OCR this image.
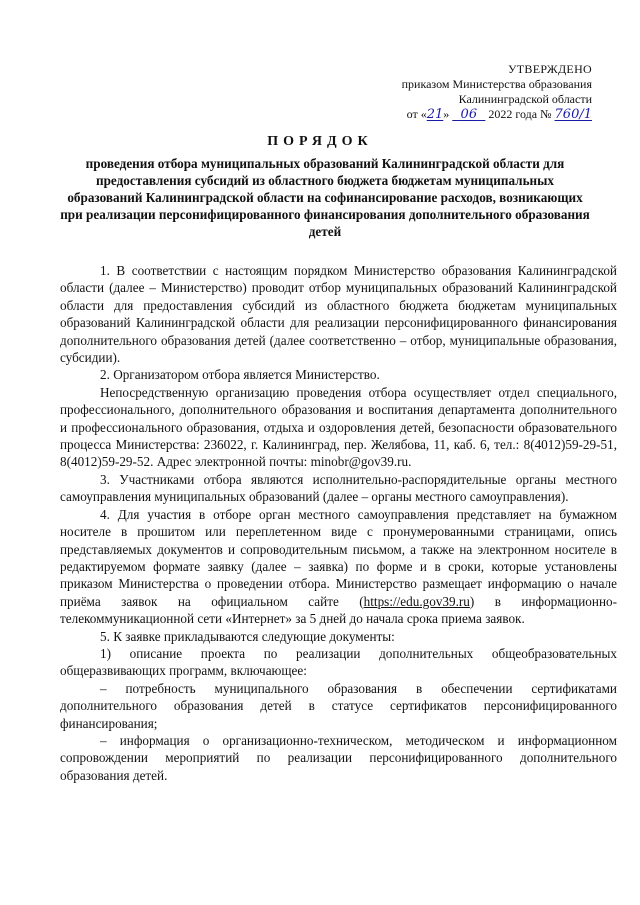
УТВЕРЖДЕНО
приказом Министерства образования
Калининградской области
от «21» 06 2022 года № 760/1
ПОРЯДОК
проведения отбора муниципальных образований Калининградской области для предоставления субсидий из областного бюджета бюджетам муниципальных образований Калининградской области на софинансирование расходов, возникающих при реализации персонифицированного финансирования дополнительного образования детей

1. В соответствии с настоящим порядком Министерство образования Калининградской области (далее – Министерство) проводит отбор муниципальных образований Калининградской области для предоставления субсидий из областного бюджета бюджетам муниципальных образований Калининградской области для реализации персонифицированного финансирования дополнительного образования детей (далее соответственно – отбор, муниципальные образования, субсидии).

2. Организатором отбора является Министерство.

Непосредственную организацию проведения отбора осуществляет отдел специального, профессионального, дополнительного образования и воспитания департамента дополнительного и профессионального образования, отдыха и оздоровления детей, безопасности образовательного процесса Министерства: 236022, г. Калининград, пер. Желябова, 11, каб. 6, тел.: 8(4012)59-29-51, 8(4012)59-29-52. Адрес электронной почты: minobr@gov39.ru.

3. Участниками отбора являются исполнительно-распорядительные органы местного самоуправления муниципальных образований (далее – органы местного самоуправления).

4. Для участия в отборе орган местного самоуправления представляет на бумажном носителе в прошитом или переплетенном виде с пронумерованными страницами, опись представляемых документов и сопроводительным письмом, а также на электронном носителе в редактируемом формате заявку (далее – заявка) по форме и в сроки, которые установлены приказом Министерства о проведении отбора. Министерство размещает информацию о начале приёма заявок на официальном сайте (https://edu.gov39.ru) в информационно-телекоммуникационной сети «Интернет» за 5 дней до начала срока приема заявок.

5. К заявке прикладываются следующие документы:

1) описание проекта по реализации дополнительных общеобразовательных общеразвивающих программ, включающее:

– потребность муниципального образования в обеспечении сертификатами дополнительного образования детей в статусе сертификатов персонифицированного финансирования;

– информация о организационно-техническом, методическом и информационном сопровождении мероприятий по реализации персонифицированного дополнительного образования детей.
